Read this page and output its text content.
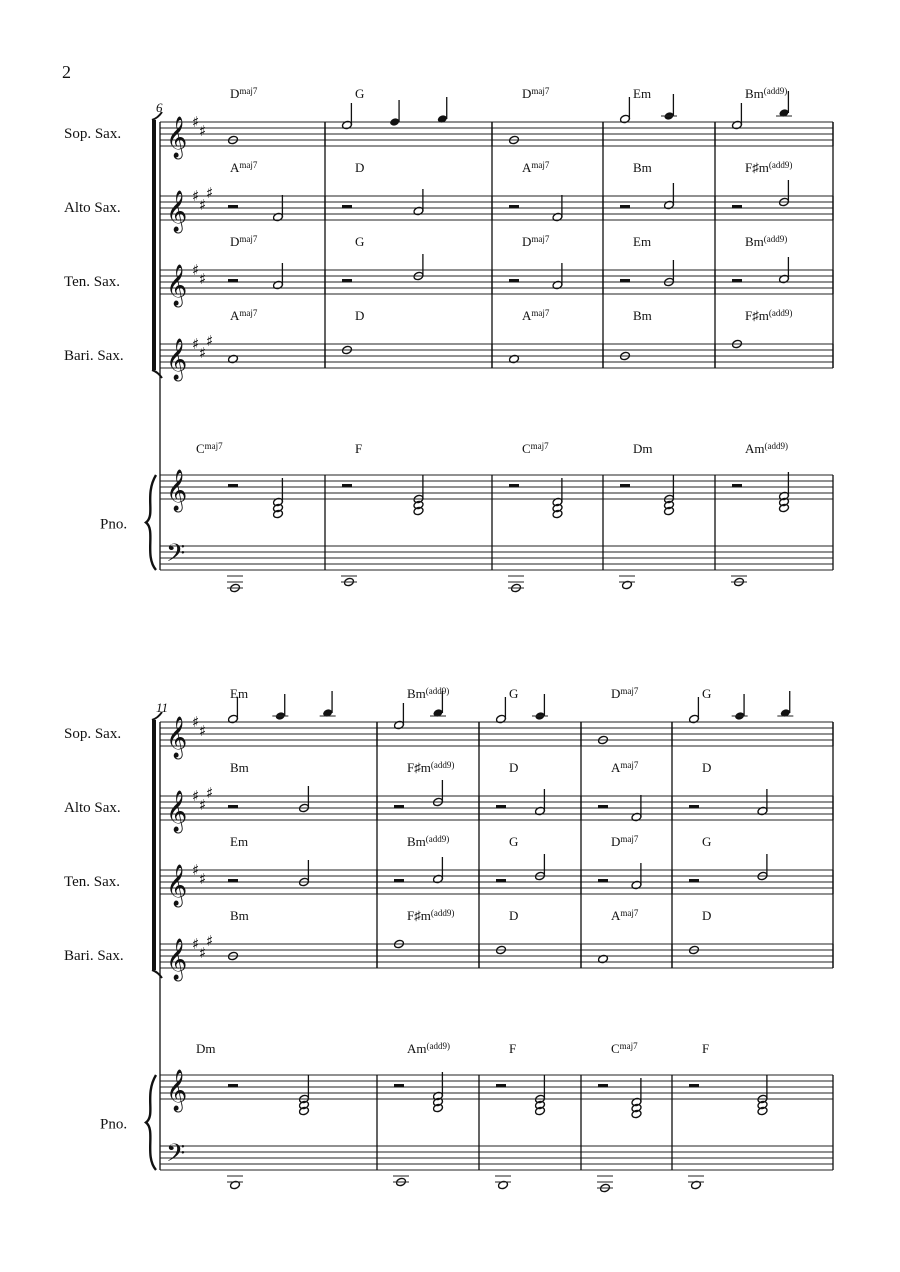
2
6
Sop. Sax. 𝄞 ♯ ♯
$D^{maj7}$	G	$D^{maj7}$	Em	$Bm^{(add9)}$
Alto Sax. 𝄞 ♯ ♯
♯
$A^{maj7}$	D	$A^{maj7}$	Bm	$F♯m^{(add9)}$
Ten. Sax. 𝄞 ♯ ♯
$D^{maj7}$	G	$D^{maj7}$	Em	$Bm^{(add9)}$
Bari. Sax. 𝄞 ♯ ♯
♯
$A^{maj7}$	D	$A^{maj7}$	Bm	$F♯m^{(add9)}$
Pno.
𝄞
𝄢
$C^{maj7}$	F	$C^{maj7}$	Dm	$Am^{(add9)}$
11
Sop. Sax. 𝄞 ♯ ♯
Em	$Bm^{(add9)}$	G	$D^{maj7}$	G
Alto Sax. 𝄞 ♯ ♯
♯
Bm	$F♯m^{(add9)}$	D	$A^{maj7}$	D
Ten. Sax. 𝄞 ♯ ♯
Em	$Bm^{(add9)}$	G	$D^{maj7}$	G
Bari. Sax. 𝄞 ♯ ♯
♯
Bm	$F♯m^{(add9)}$	D	$A^{maj7}$	D
Pno.
𝄞
𝄢
Dm	$Am^{(add9)}$	F	$C^{maj7}$	F
